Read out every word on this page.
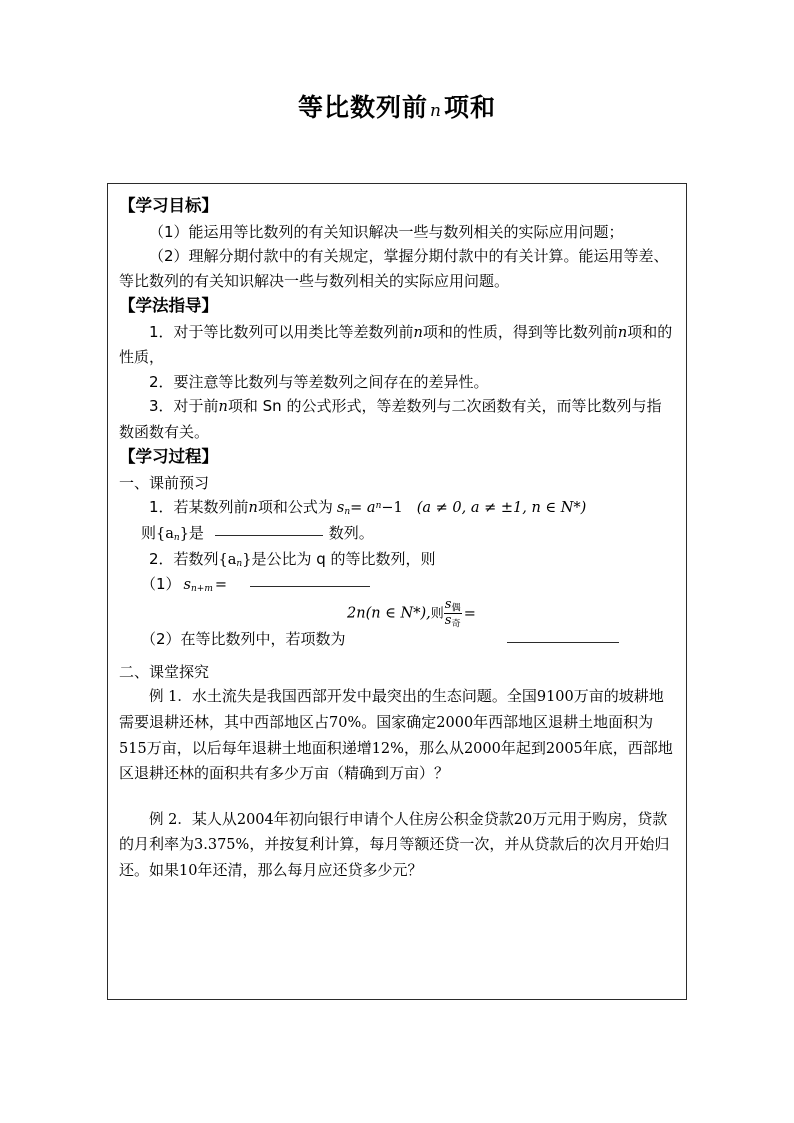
等比数列前 n项和
【学习目标】
（1）能运用等比数列的有关知识解决一些与数列相关的实际应用问题；
（2）理解分期付款中的有关规定，掌握分期付款中的有关计算。能运用等差、等比数列的有关知识解决一些与数列相关的实际应用问题。
【学法指导】
1．对于等比数列可以用类比等差数列前n项和的性质，得到等比数列前n项和的性质，
2．要注意等比数列与等差数列之间存在的差异性。
3．对于前n项和 Sn 的公式形式，等差数列与二次函数有关，而等比数列与指数函数有关。
【学习过程】
一、课前预习
1．若某数列前n项和公式为 $s_n= a^n-1$ (a ≠ 0, a ≠ ±1, n ∈ N*)
则$\{a_n\}$是	数列。
2．若数列$\{a_n\}$是公比为 q 的等比数列，则
（1） $s_{n+m}$ =
2n(n ∈ N*),则 $\frac{s_偶}{s_奇}$ =
（2）在等比数列中，若项数为
二、课堂探究
例 1．水土流失是我国西部开发中最突出的生态问题。全国9100万亩的坡耕地需要退耕还林，其中西部地区占70%。国家确定2000年西部地区退耕土地面积为515万亩，以后每年退耕土地面积递增12%，那么从2000年起到2005年底，西部地区退耕还林的面积共有多少万亩（精确到万亩）？
例 2．某人从2004年初向银行申请个人住房公积金贷款20万元用于购房，贷款的月利率为3.375%，并按复利计算，每月等额还贷一次，并从贷款后的次月开始归还。如果10年还清，那么每月应还贷多少元？
